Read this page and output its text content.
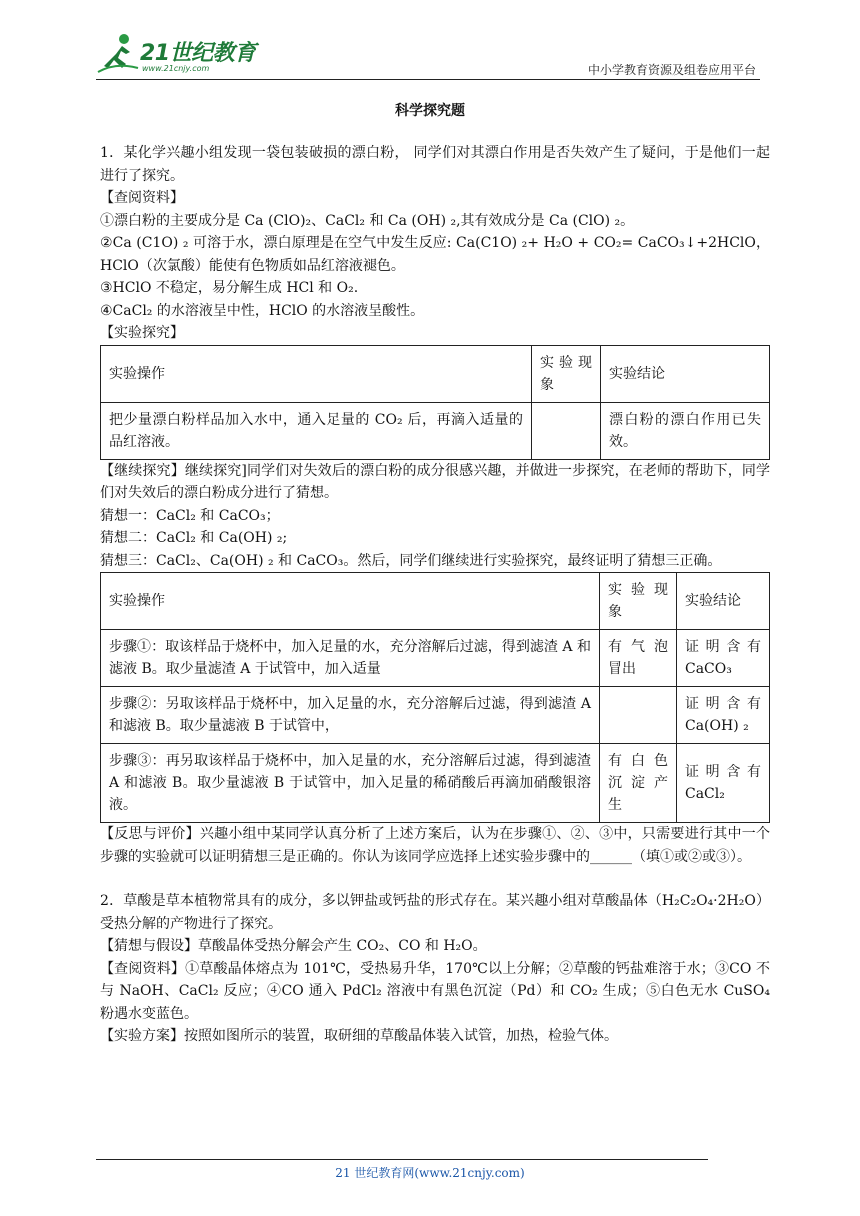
21世纪教育
www.21cnjy.com	中小学教育资源及组卷应用平台
科学探究题

1．某化学兴趣小组发现一袋包装破损的漂白粉， 同学们对其漂白作用是否失效产生了疑问，于是他们一起进行了探究。

【查阅资料】

①漂白粉的主要成分是 Ca (ClO)₂、CaCl₂ 和 Ca (OH) ₂,其有效成分是 Ca (ClO) ₂。

②Ca (C1O) ₂ 可溶于水，漂白原理是在空气中发生反应: Ca(C1O) ₂+ H₂O + CO₂= CaCO₃↓+2HClO，HClO（次氯酸）能使有色物质如品红溶液褪色。

③HClO 不稳定，易分解生成 HCl 和 O₂.

④CaCl₂ 的水溶液呈中性，HClO 的水溶液呈酸性。

【实验探究】

实验操作	实 验 现 象	实验结论
把少量漂白粉样品加入水中，通入足量的 CO₂ 后，再滴入适量的品红溶液。		漂白粉的漂白作用已失效。

【继续探究】继续探究]同学们对失效后的漂白粉的成分很感兴趣，并做进一步探究，在老师的帮助下，同学们对失效后的漂白粉成分进行了猜想。

猜想一：CaCl₂ 和 CaCO₃；

猜想二：CaCl₂ 和 Ca(OH) ₂;

猜想三：CaCl₂、Ca(OH) ₂ 和 CaCO₃。然后，同学们继续进行实验探究，最终证明了猜想三正确。

实验操作	实 验 现 象	实验结论
步骤①：取该样品于烧杯中，加入足量的水，充分溶解后过滤，得到滤渣 A 和滤液 B。取少量滤渣 A 于试管中，加入适量	有 气 泡 冒出	证 明 含 有 CaCO₃
步骤②：另取该样品于烧杯中，加入足量的水，充分溶解后过滤，得到滤渣 A 和滤液 B。取少量滤液 B 于试管中，		证 明 含 有 Ca(OH) ₂
步骤③：再另取该样品于烧杯中，加入足量的水，充分溶解后过滤，得到滤渣 A 和滤液 B。取少量滤液 B 于试管中，加入足量的稀硝酸后再滴加硝酸银溶液。	有 白 色 沉 淀 产 生	证 明 含 有 CaCl₂

【反思与评价】兴趣小组中某同学认真分析了上述方案后，认为在步骤①、②、③中，只需要进行其中一个步骤的实验就可以证明猜想三是正确的。你认为该同学应选择上述实验步骤中的______（填①或②或③）。

2．草酸是草本植物常具有的成分，多以钾盐或钙盐的形式存在。某兴趣小组对草酸晶体（H₂C₂O₄·2H₂O）受热分解的产物进行了探究。

【猜想与假设】草酸晶体受热分解会产生 CO₂、CO 和 H₂O。

【查阅资料】①草酸晶体熔点为 101℃，受热易升华，170℃以上分解；②草酸的钙盐难溶于水；③CO 不与 NaOH、CaCl₂ 反应；④CO 通入 PdCl₂ 溶液中有黑色沉淀（Pd）和 CO₂ 生成；⑤白色无水 CuSO₄ 粉遇水变蓝色。

【实验方案】按照如图所示的装置，取研细的草酸晶体装入试管，加热，检验气体。

21 世纪教育网(www.21cnjy.com)
